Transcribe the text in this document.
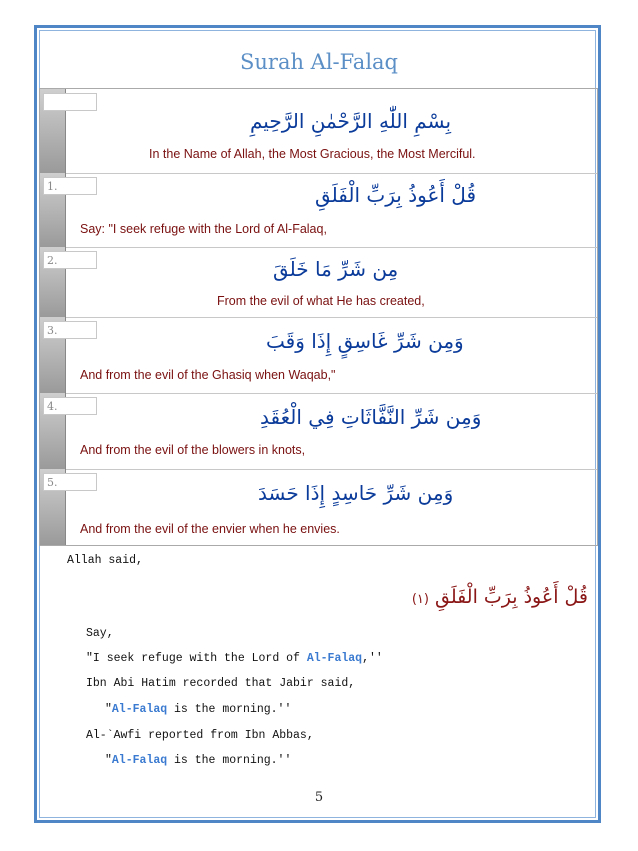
Surah Al-Falaq
بِسْمِ اللّٰهِ الرَّحْمٰنِ الرَّحِيمِ
In the Name of Allah, the Most Gracious, the Most Merciful.
1.	قُلْ أَعُوذُ بِرَبِّ الْفَلَقِ
Say: "I seek refuge with the Lord of Al-Falaq,
2.	مِن شَرِّ مَا خَلَقَ
From the evil of what He has created,
3.	وَمِن شَرِّ غَاسِقٍ إِذَا وَقَبَ
And from the evil of the Ghasiq when Waqab,"
4.	وَمِن شَرِّ النَّفَّاثَاتِ فِي الْعُقَدِ
And from the evil of the blowers in knots,
5.	وَمِن شَرِّ حَاسِدٍ إِذَا حَسَدَ
And from the evil of the envier when he envies.
Allah said,
قُلْ أَعُوذُ بِرَبِّ الْفَلَقِ (١)
Say,
"I seek refuge with the Lord of Al-Falaq,''
Ibn Abi Hatim recorded that Jabir said,
"Al-Falaq is the morning.''
Al-`Awfi reported from Ibn Abbas,
"Al-Falaq is the morning.''
5
